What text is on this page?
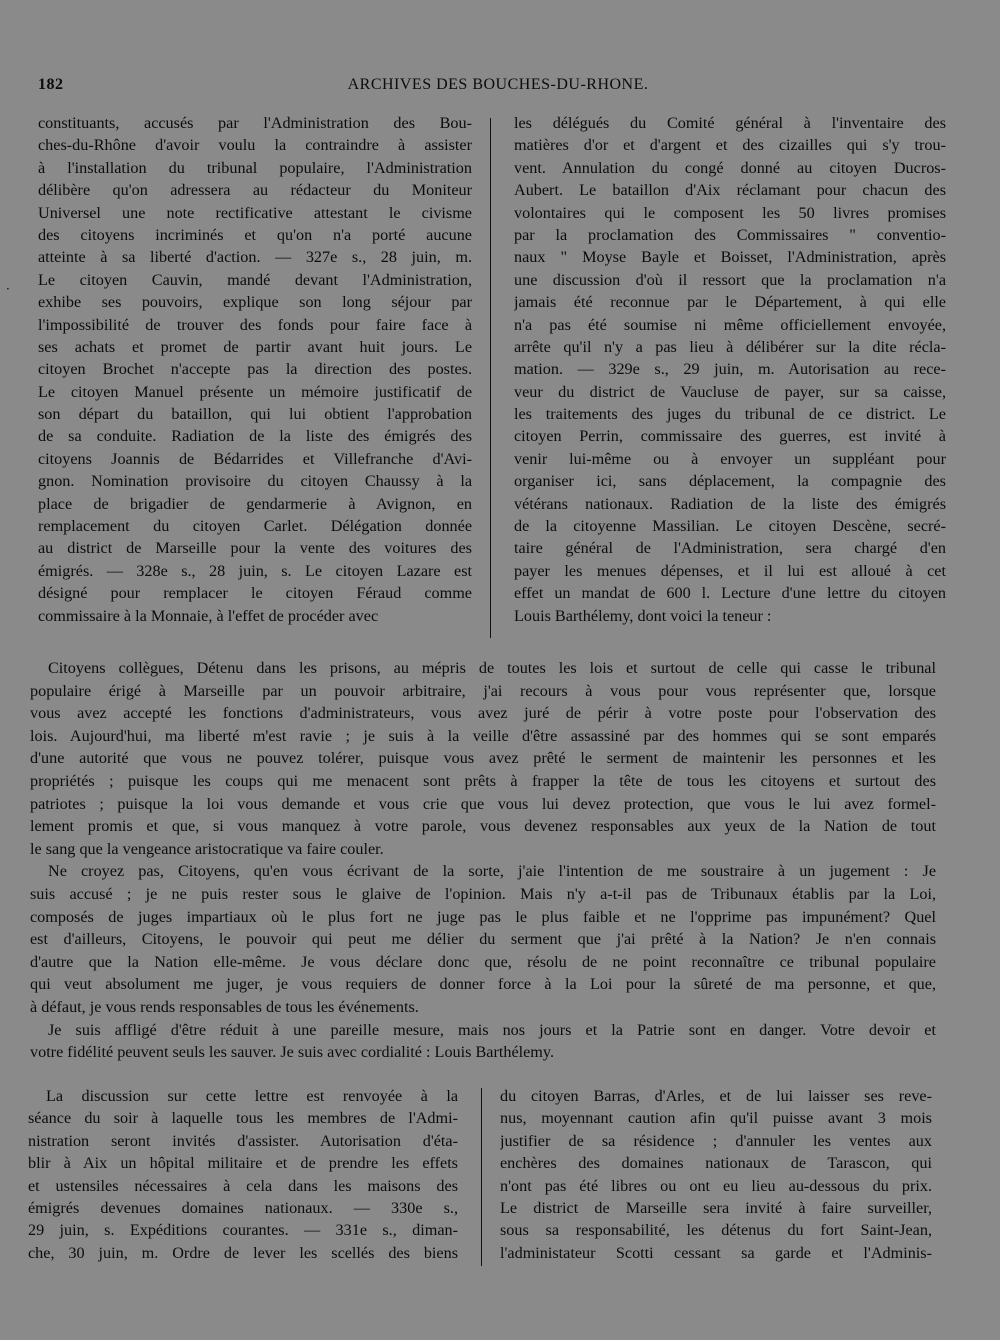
182	ARCHIVES DES BOUCHES-DU-RHONE.
·
constituants, accusés par l'Administration des Bou-
ches-du-Rhône d'avoir voulu la contraindre à assister
à l'installation du tribunal populaire, l'Administration
délibère qu'on adressera au rédacteur du Moniteur
Universel une note rectificative attestant le civisme
des citoyens incriminés et qu'on n'a porté aucune
atteinte à sa liberté d'action. — 327e s., 28 juin, m.
Le citoyen Cauvin, mandé devant l'Administration,
exhibe ses pouvoirs, explique son long séjour par
l'impossibilité de trouver des fonds pour faire face à
ses achats et promet de partir avant huit jours. Le
citoyen Brochet n'accepte pas la direction des postes.
Le citoyen Manuel présente un mémoire justificatif de
son départ du bataillon, qui lui obtient l'approbation
de sa conduite. Radiation de la liste des émigrés des
citoyens Joannis de Bédarrides et Villefranche d'Avi-
gnon. Nomination provisoire du citoyen Chaussy à la
place de brigadier de gendarmerie à Avignon, en
remplacement du citoyen Carlet. Délégation donnée
au district de Marseille pour la vente des voitures des
émigrés. — 328e s., 28 juin, s. Le citoyen Lazare est
désigné pour remplacer le citoyen Féraud comme
commissaire à la Monnaie, à l'effet de procéder avec
les délégués du Comité général à l'inventaire des
matières d'or et d'argent et des cizailles qui s'y trou-
vent. Annulation du congé donné au citoyen Ducros-
Aubert. Le bataillon d'Aix réclamant pour chacun des
volontaires qui le composent les 50 livres promises
par la proclamation des Commissaires " conventio-
naux " Moyse Bayle et Boisset, l'Administration, après
une discussion d'où il ressort que la proclamation n'a
jamais été reconnue par le Département, à qui elle
n'a pas été soumise ni même officiellement envoyée,
arrête qu'il n'y a pas lieu à délibérer sur la dite récla-
mation. — 329e s., 29 juin, m. Autorisation au rece-
veur du district de Vaucluse de payer, sur sa caisse,
les traitements des juges du tribunal de ce district. Le
citoyen Perrin, commissaire des guerres, est invité à
venir lui-même ou à envoyer un suppléant pour
organiser ici, sans déplacement, la compagnie des
vétérans nationaux. Radiation de la liste des émigrés
de la citoyenne Massilian. Le citoyen Descène, secré-
taire général de l'Administration, sera chargé d'en
payer les menues dépenses, et il lui est alloué à cet
effet un mandat de 600 l. Lecture d'une lettre du citoyen
Louis Barthélemy, dont voici la teneur :
Citoyens collègues, Détenu dans les prisons, au mépris de toutes les lois et surtout de celle qui casse le tribunal
populaire érigé à Marseille par un pouvoir arbitraire, j'ai recours à vous pour vous représenter que, lorsque
vous avez accepté les fonctions d'administrateurs, vous avez juré de périr à votre poste pour l'observation des
lois. Aujourd'hui, ma liberté m'est ravie ; je suis à la veille d'être assassiné par des hommes qui se sont emparés
d'une autorité que vous ne pouvez tolérer, puisque vous avez prêté le serment de maintenir les personnes et les
propriétés ; puisque les coups qui me menacent sont prêts à frapper la tête de tous les citoyens et surtout des
patriotes ; puisque la loi vous demande et vous crie que vous lui devez protection, que vous le lui avez formel-
lement promis et que, si vous manquez à votre parole, vous devenez responsables aux yeux de la Nation de tout
le sang que la vengeance aristocratique va faire couler.
Ne croyez pas, Citoyens, qu'en vous écrivant de la sorte, j'aie l'intention de me soustraire à un jugement : Je
suis accusé ; je ne puis rester sous le glaive de l'opinion. Mais n'y a-t-il pas de Tribunaux établis par la Loi,
composés de juges impartiaux où le plus fort ne juge pas le plus faible et ne l'opprime pas impunément? Quel
est d'ailleurs, Citoyens, le pouvoir qui peut me délier du serment que j'ai prêté à la Nation? Je n'en connais
d'autre que la Nation elle-même. Je vous déclare donc que, résolu de ne point reconnaître ce tribunal populaire
qui veut absolument me juger, je vous requiers de donner force à la Loi pour la sûreté de ma personne, et que,
à défaut, je vous rends responsables de tous les événements.
Je suis affligé d'être réduit à une pareille mesure, mais nos jours et la Patrie sont en danger. Votre devoir et
votre fidélité peuvent seuls les sauver. Je suis avec cordialité : Louis Barthélemy.
La discussion sur cette lettre est renvoyée à la
séance du soir à laquelle tous les membres de l'Admi-
nistration seront invités d'assister. Autorisation d'éta-
blir à Aix un hôpital militaire et de prendre les effets
et ustensiles nécessaires à cela dans les maisons des
émigrés devenues domaines nationaux. — 330e s.,
29 juin, s. Expéditions courantes. — 331e s., diman-
che, 30 juin, m. Ordre de lever les scellés des biens
du citoyen Barras, d'Arles, et de lui laisser ses reve-
nus, moyennant caution afin qu'il puisse avant 3 mois
justifier de sa résidence ; d'annuler les ventes aux
enchères des domaines nationaux de Tarascon, qui
n'ont pas été libres ou ont eu lieu au-dessous du prix.
Le district de Marseille sera invité à faire surveiller,
sous sa responsabilité, les détenus du fort Saint-Jean,
l'administateur Scotti cessant sa garde et l'Adminis-
